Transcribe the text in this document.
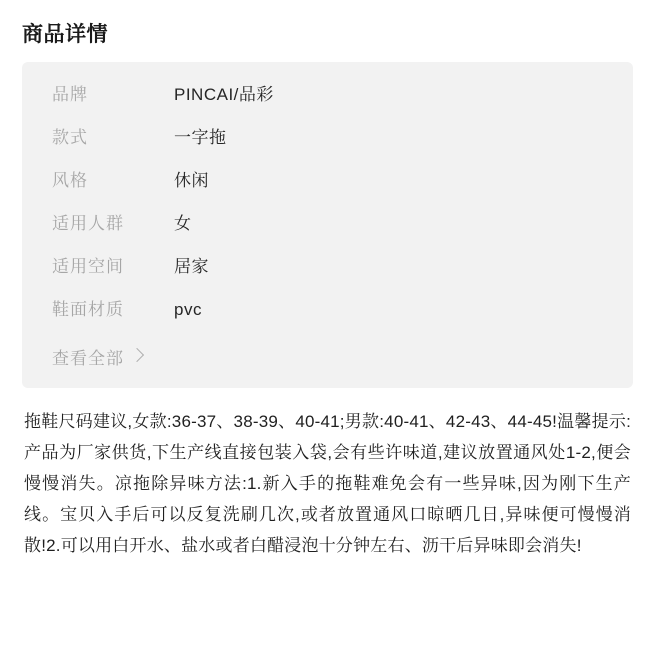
商品详情
品牌	PINCAI/品彩
款式	一字拖
风格	休闲
适用人群	女
适用空间	居家
鞋面材质	pvc
查看全部
拖鞋尺码建议,女款:36-37、38-39、40-41;男款:40-41、42-43、44-45!温馨提示:产品为厂家供货,下生产线直接包装入袋,会有些许味道,建议放置通风处1-2,便会慢慢消失。凉拖除异味方法:1.新入手的拖鞋难免会有一些异味,因为刚下生产线。宝贝入手后可以反复洗刷几次,或者放置通风口晾晒几日,异味便可慢慢消散!2.可以用白开水、盐水或者白醋浸泡十分钟左右、沥干后异味即会消失!
